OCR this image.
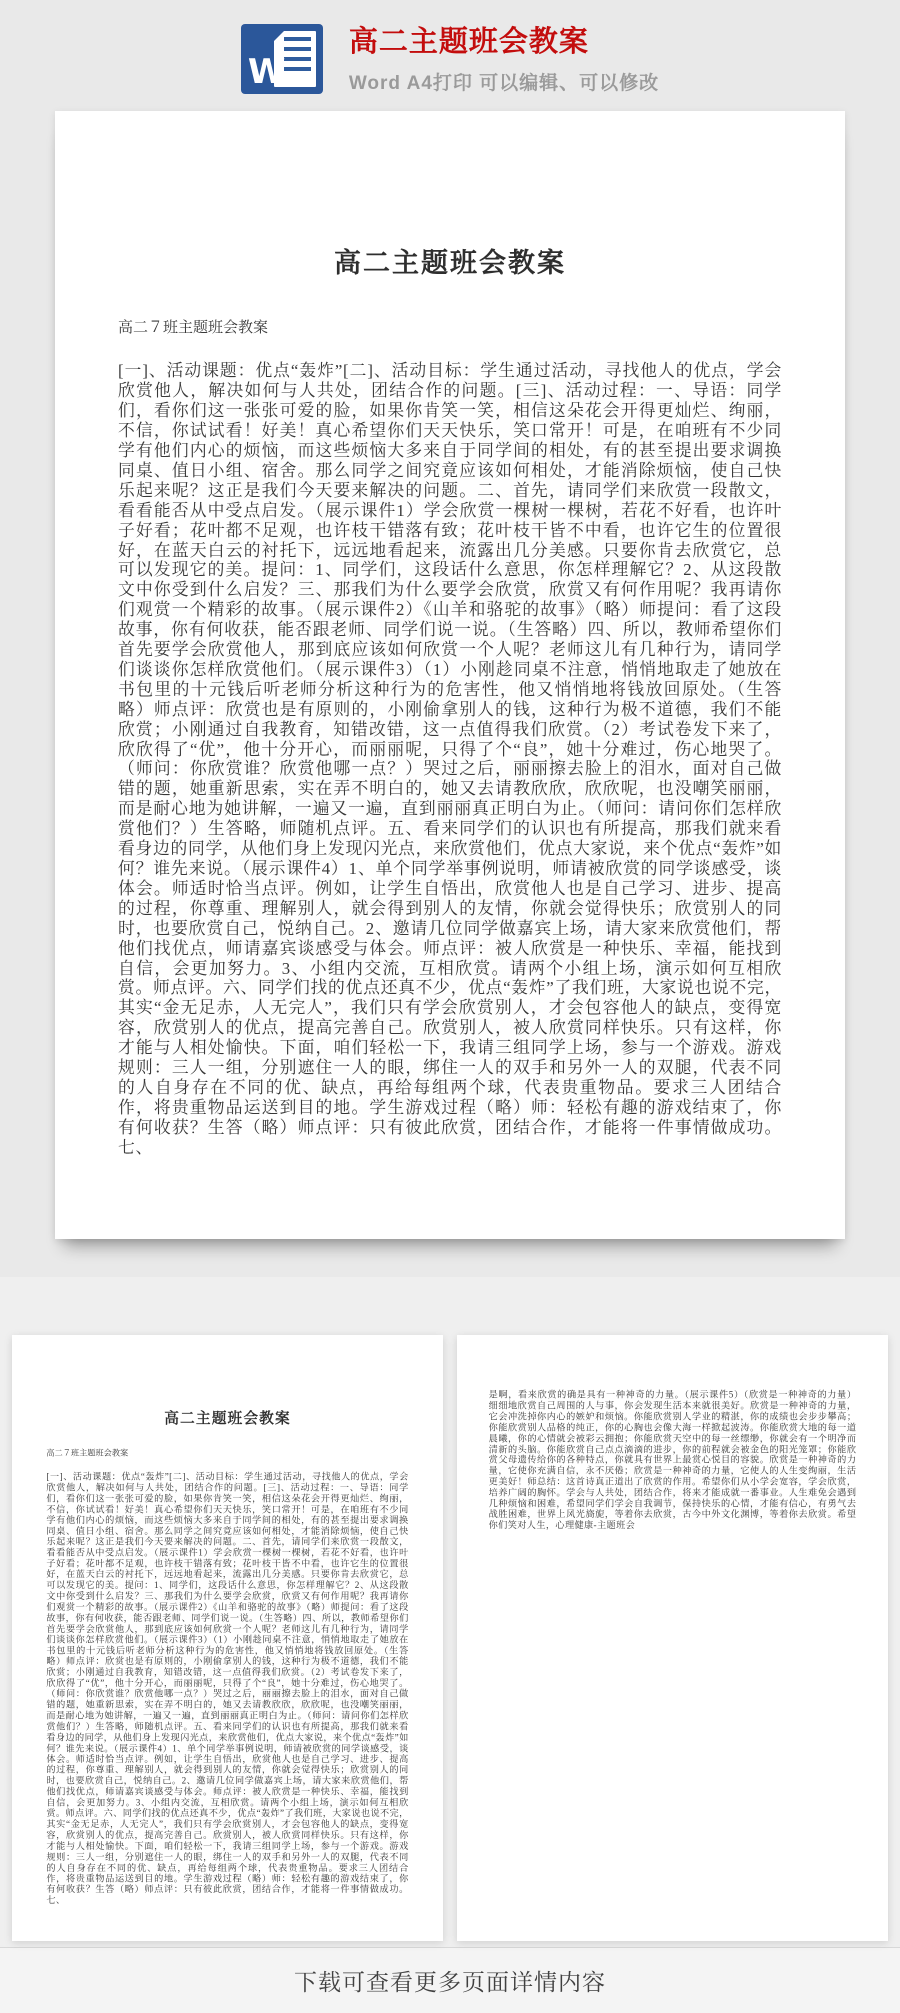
W
高二主题班会教案
Word A4打印 可以编辑、可以修改
高二主题班会教案
高二７班主题班会教案
[一]、活动课题：优点“轰炸”[二]、活动目标：学生通过活动，寻找他人的优点，学会欣赏他人，解决如何与人共处，团结合作的问题。[三]、活动过程：一、导语：同学们，看你们这一张张可爱的脸，如果你肯笑一笑，相信这朵花会开得更灿烂、绚丽，不信，你试试看！好美！真心希望你们天天快乐，笑口常开！可是，在咱班有不少同学有他们内心的烦恼，而这些烦恼大多来自于同学间的相处，有的甚至提出要求调换同桌、值日小组、宿舍。那么同学之间究竟应该如何相处，才能消除烦恼，使自己快乐起来呢？这正是我们今天要来解决的问题。二、首先，请同学们来欣赏一段散文，看看能否从中受点启发。（展示课件1）学会欣赏一棵树一棵树，若花不好看，也许叶子好看；花叶都不足观，也许枝干错落有致；花叶枝干皆不中看，也许它生的位置很好，在蓝天白云的衬托下，远远地看起来，流露出几分美感。只要你肯去欣赏它，总可以发现它的美。提问：1、同学们，这段话什么意思，你怎样理解它？2、从这段散文中你受到什么启发？三、那我们为什么要学会欣赏，欣赏又有何作用呢？我再请你们观赏一个精彩的故事。（展示课件2）《山羊和骆驼的故事》（略）师提问：看了这段故事，你有何收获，能否跟老师、同学们说一说。（生答略）四、所以，教师希望你们首先要学会欣赏他人，那到底应该如何欣赏一个人呢？老师这儿有几种行为，请同学们谈谈你怎样欣赏他们。（展示课件3）（1）小刚趁同桌不注意，悄悄地取走了她放在书包里的十元钱后听老师分析这种行为的危害性，他又悄悄地将钱放回原处。（生答略）师点评：欣赏也是有原则的，小刚偷拿别人的钱，这种行为极不道德，我们不能欣赏；小刚通过自我教育，知错改错，这一点值得我们欣赏。（2）考试卷发下来了，欣欣得了“优”，他十分开心，而丽丽呢，只得了个“良”，她十分难过，伤心地哭了。（师问：你欣赏谁？欣赏他哪一点？）哭过之后，丽丽擦去脸上的泪水，面对自己做错的题，她重新思索，实在弄不明白的，她又去请教欣欣，欣欣呢，也没嘲笑丽丽，而是耐心地为她讲解，一遍又一遍，直到丽丽真正明白为止。（师问：请问你们怎样欣赏他们？）生答略，师随机点评。五、看来同学们的认识也有所提高，那我们就来看看身边的同学，从他们身上发现闪光点，来欣赏他们，优点大家说，来个优点“轰炸”如何？谁先来说。（展示课件4）1、单个同学举事例说明，师请被欣赏的同学谈感受，谈体会。师适时恰当点评。例如，让学生自悟出，欣赏他人也是自己学习、进步、提高的过程，你尊重、理解别人，就会得到别人的友情，你就会觉得快乐；欣赏别人的同时，也要欣赏自己，悦纳自己。2、邀请几位同学做嘉宾上场，请大家来欣赏他们，帮他们找优点，师请嘉宾谈感受与体会。师点评：被人欣赏是一种快乐、幸福，能找到自信，会更加努力。3、小组内交流，互相欣赏。请两个小组上场，演示如何互相欣赏。师点评。六、同学们找的优点还真不少，优点“轰炸”了我们班，大家说也说不完，其实“金无足赤，人无完人”，我们只有学会欣赏别人，才会包容他人的缺点，变得宽容，欣赏别人的优点，提高完善自己。欣赏别人，被人欣赏同样快乐。只有这样，你才能与人相处愉快。下面，咱们轻松一下，我请三组同学上场，参与一个游戏。游戏规则：三人一组，分别遮住一人的眼，绑住一人的双手和另外一人的双腿，代表不同的人自身存在不同的优、缺点，再给每组两个球，代表贵重物品。要求三人团结合作，将贵重物品运送到目的地。学生游戏过程（略）师：轻松有趣的游戏结束了，你有何收获？生答（略）师点评：只有彼此欣赏，团结合作，才能将一件事情做成功。七、
高二主题班会教案
高二７班主题班会教案
[一]、活动课题：优点“轰炸”[二]、活动目标：学生通过活动，寻找他人的优点，学会欣赏他人，解决如何与人共处，团结合作的问题。[三]、活动过程：一、导语：同学们，看你们这一张张可爱的脸，如果你肯笑一笑，相信这朵花会开得更灿烂、绚丽，不信，你试试看！好美！真心希望你们天天快乐，笑口常开！可是，在咱班有不少同学有他们内心的烦恼，而这些烦恼大多来自于同学间的相处，有的甚至提出要求调换同桌、值日小组、宿舍。那么同学之间究竟应该如何相处，才能消除烦恼，使自己快乐起来呢？这正是我们今天要来解决的问题。二、首先，请同学们来欣赏一段散文，看看能否从中受点启发。（展示课件1）学会欣赏一棵树一棵树，若花不好看，也许叶子好看；花叶都不足观，也许枝干错落有致；花叶枝干皆不中看，也许它生的位置很好，在蓝天白云的衬托下，远远地看起来，流露出几分美感。只要你肯去欣赏它，总可以发现它的美。提问：1、同学们，这段话什么意思，你怎样理解它？2、从这段散文中你受到什么启发？三、那我们为什么要学会欣赏，欣赏又有何作用呢？我再请你们观赏一个精彩的故事。（展示课件2）《山羊和骆驼的故事》（略）师提问：看了这段故事，你有何收获，能否跟老师、同学们说一说。（生答略）四、所以，教师希望你们首先要学会欣赏他人，那到底应该如何欣赏一个人呢？老师这儿有几种行为，请同学们谈谈你怎样欣赏他们。（展示课件3）（1）小刚趁同桌不注意，悄悄地取走了她放在书包里的十元钱后听老师分析这种行为的危害性，他又悄悄地将钱放回原处。（生答略）师点评：欣赏也是有原则的，小刚偷拿别人的钱，这种行为极不道德，我们不能欣赏；小刚通过自我教育，知错改错，这一点值得我们欣赏。（2）考试卷发下来了，欣欣得了“优”，他十分开心，而丽丽呢，只得了个“良”，她十分难过，伤心地哭了。（师问：你欣赏谁？欣赏他哪一点？）哭过之后，丽丽擦去脸上的泪水，面对自己做错的题，她重新思索，实在弄不明白的，她又去请教欣欣，欣欣呢，也没嘲笑丽丽，而是耐心地为她讲解，一遍又一遍，直到丽丽真正明白为止。（师问：请问你们怎样欣赏他们？）生答略，师随机点评。五、看来同学们的认识也有所提高，那我们就来看看身边的同学，从他们身上发现闪光点，来欣赏他们，优点大家说，来个优点“轰炸”如何？谁先来说。（展示课件4）1、单个同学举事例说明，师请被欣赏的同学谈感受，谈体会。师适时恰当点评。例如，让学生自悟出，欣赏他人也是自己学习、进步、提高的过程，你尊重、理解别人，就会得到别人的友情，你就会觉得快乐；欣赏别人的同时，也要欣赏自己，悦纳自己。2、邀请几位同学做嘉宾上场，请大家来欣赏他们，帮他们找优点，师请嘉宾谈感受与体会。师点评：被人欣赏是一种快乐、幸福，能找到自信，会更加努力。3、小组内交流，互相欣赏。请两个小组上场，演示如何互相欣赏。师点评。六、同学们找的优点还真不少，优点“轰炸”了我们班，大家说也说不完，其实“金无足赤，人无完人”，我们只有学会欣赏别人，才会包容他人的缺点，变得宽容，欣赏别人的优点，提高完善自己。欣赏别人，被人欣赏同样快乐。只有这样，你才能与人相处愉快。下面，咱们轻松一下，我请三组同学上场，参与一个游戏。游戏规则：三人一组，分别遮住一人的眼，绑住一人的双手和另外一人的双腿，代表不同的人自身存在不同的优、缺点，再给每组两个球，代表贵重物品。要求三人团结合作，将贵重物品运送到目的地。学生游戏过程（略）师：轻松有趣的游戏结束了，你有何收获？生答（略）师点评：只有彼此欣赏，团结合作，才能将一件事情做成功。七、
是啊，看来欣赏的确是具有一种神奇的力量。（展示课件5）（欣赏是一种神奇的力量）细细地欣赏自己周围的人与事，你会发现生活本来就很美好。欣赏是一种神奇的力量，它会冲洗掉你内心的嫉妒和烦恼。你能欣赏别人学业的精湛，你的成绩也会步步攀高；你能欣赏别人品格的纯正，你的心胸也会像大海一样掀起波涛。你能欣赏大地的每一道晨曦，你的心情就会被彩云拥抱；你能欣赏天空中的每一丝缥缈，你就会有一个明净而清新的头脑。你能欣赏自己点点滴滴的进步，你的前程就会被金色的阳光笼罩；你能欣赏父母遗传给你的各种特点，你就具有世界上最赏心悦目的容貌。欣赏是一种神奇的力量，它使你充满自信，永不厌倦；欣赏是一种神奇的力量，它使人的人生变绚丽，生活更美好！师总结：这首诗真正道出了欣赏的作用。希望你们从小学会宽容，学会欣赏，培养广阔的胸怀。学会与人共处，团结合作，将来才能成就一番事业。人生难免会遇到几种烦恼和困难，希望同学们学会自我调节，保持快乐的心情，才能有信心，有勇气去战胜困难，世界上风光旖旎，等着你去欣赏，古今中外文化渊博，等着你去欣赏。希望你们笑对人生，心理健康-主题班会
下载可查看更多页面详情内容
